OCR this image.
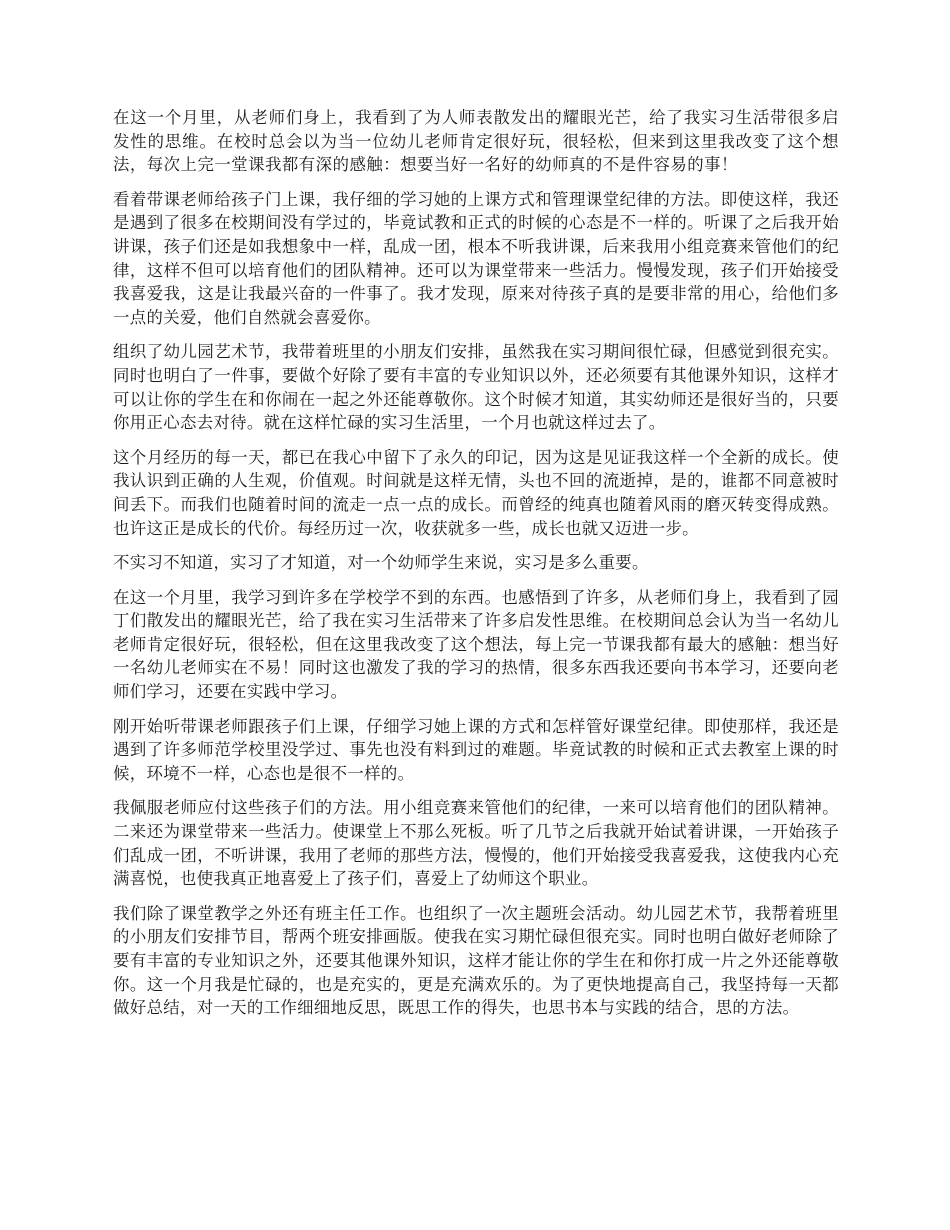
在这一个月里，从老师们身上，我看到了为人师表散发出的耀眼光芒，给了我实习生活带很多启发性的思维。在校时总会以为当一位幼儿老师肯定很好玩，很轻松，但来到这里我改变了这个想法，每次上完一堂课我都有深的感触：想要当好一名好的幼师真的不是件容易的事！

看着带课老师给孩子门上课，我仔细的学习她的上课方式和管理课堂纪律的方法。即使这样，我还是遇到了很多在校期间没有学过的，毕竟试教和正式的时候的心态是不一样的。听课了之后我开始讲课，孩子们还是如我想象中一样，乱成一团，根本不听我讲课，后来我用小组竞赛来管他们的纪律，这样不但可以培育他们的团队精神。还可以为课堂带来一些活力。慢慢发现，孩子们开始接受我喜爱我，这是让我最兴奋的一件事了。我才发现，原来对待孩子真的是要非常的用心，给他们多一点的关爱，他们自然就会喜爱你。

组织了幼儿园艺术节，我带着班里的小朋友们安排，虽然我在实习期间很忙碌，但感觉到很充实。同时也明白了一件事，要做个好除了要有丰富的专业知识以外，还必须要有其他课外知识，这样才可以让你的学生在和你闹在一起之外还能尊敬你。这个时候才知道，其实幼师还是很好当的，只要你用正心态去对待。就在这样忙碌的实习生活里，一个月也就这样过去了。

这个月经历的每一天，都已在我心中留下了永久的印记，因为这是见证我这样一个全新的成长。使我认识到正确的人生观，价值观。时间就是这样无情，头也不回的流逝掉，是的，谁都不同意被时间丢下。而我们也随着时间的流走一点一点的成长。而曾经的纯真也随着风雨的磨灭转变得成熟。也许这正是成长的代价。每经历过一次，收获就多一些，成长也就又迈进一步。

不实习不知道，实习了才知道，对一个幼师学生来说，实习是多么重要。

在这一个月里，我学习到许多在学校学不到的东西。也感悟到了许多，从老师们身上，我看到了园丁们散发出的耀眼光芒，给了我在实习生活带来了许多启发性思维。在校期间总会认为当一名幼儿老师肯定很好玩，很轻松，但在这里我改变了这个想法，每上完一节课我都有最大的感触：想当好一名幼儿老师实在不易！同时这也激发了我的学习的热情，很多东西我还要向书本学习，还要向老师们学习，还要在实践中学习。

刚开始听带课老师跟孩子们上课，仔细学习她上课的方式和怎样管好课堂纪律。即使那样，我还是遇到了许多师范学校里没学过、事先也没有料到过的难题。毕竟试教的时候和正式去教室上课的时候，环境不一样，心态也是很不一样的。

我佩服老师应付这些孩子们的方法。用小组竞赛来管他们的纪律，一来可以培育他们的团队精神。二来还为课堂带来一些活力。使课堂上不那么死板。听了几节之后我就开始试着讲课，一开始孩子们乱成一团，不听讲课，我用了老师的那些方法，慢慢的，他们开始接受我喜爱我，这使我内心充满喜悦，也使我真正地喜爱上了孩子们，喜爱上了幼师这个职业。

我们除了课堂教学之外还有班主任工作。也组织了一次主题班会活动。幼儿园艺术节，我帮着班里的小朋友们安排节目，帮两个班安排画版。使我在实习期忙碌但很充实。同时也明白做好老师除了要有丰富的专业知识之外，还要其他课外知识，这样才能让你的学生在和你打成一片之外还能尊敬你。这一个月我是忙碌的，也是充实的，更是充满欢乐的。为了更快地提高自己，我坚持每一天都做好总结，对一天的工作细细地反思，既思工作的得失，也思书本与实践的结合，思的方法。
